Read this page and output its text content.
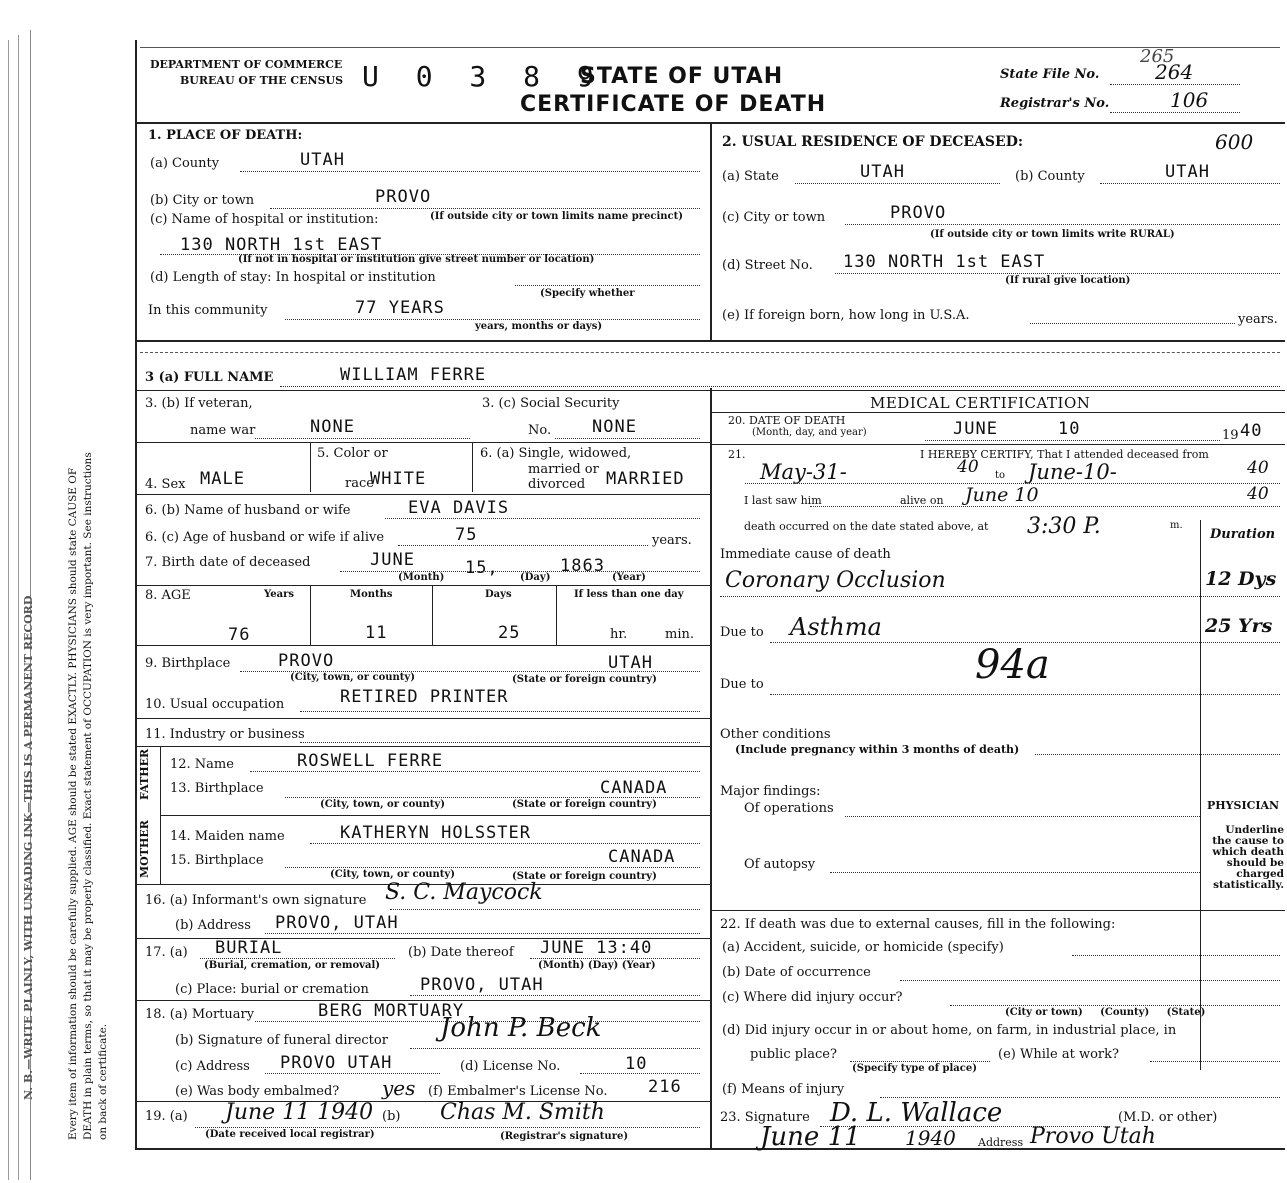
N. B.—WRITE PLAINLY, WITH UNFADING INK—THIS IS A PERMANENT RECORD	Every item of information should be carefully supplied. AGE should be stated EXACTLY. PHYSICIANS should state CAUSE OF DEATH in plain terms, so that it may be properly classified. Exact statement of OCCUPATION is very important. See instructions on back of certificate.
DEPARTMENT OF COMMERCE
BUREAU OF THE CENSUS U 0 3 8 9
STATE OF UTAH
CERTIFICATE OF DEATH
State File No.
265
264
Registrar's No.	106
1. PLACE OF DEATH:
(a) County	UTAH
(b) City or town	PROVO
(c) Name of hospital or institution:	(If outside city or town limits name precinct)
130 NORTH 1st EAST
(If not in hospital or institution give street number or location)
(d) Length of stay: In hospital or institution
(Specify whether
In this community	77 YEARS
years, months or days)
2. USUAL RESIDENCE OF DECEASED:	600
(a) State	UTAH	(b) County	UTAH
(c) City or town	PROVO
(If outside city or town limits write RURAL)
(d) Street No. 130 NORTH 1st EAST
(If rural give location)
(e) If foreign born, how long in U.S.A.	years.
3 (a) FULL NAME	WILLIAM FERRE
3. (b) If veteran,
name war	NONE
3. (c) Social Security
No. NONE
4. Sex MALE
5. Color or
race
WHITE
6. (a) Single, widowed,
married or
divorced MARRIED
6. (b) Name of husband or wife	EVA DAVIS
6. (c) Age of husband or wife if alive	75	years.
7. Birth date of deceased	JUNE	15,	1863
(Month)	(Day)	(Year)
8. AGE	Years	Months	Days	If less than one day
76	11	25	hr.	min.
9. Birthplace	PROVO	UTAH
(City, town, or county)	(State or foreign country)
10. Usual occupation	RETIRED PRINTER
11. Industry or business
FATHER
MOTHER
12. Name	ROSWELL FERRE
13. Birthplace	CANADA
(City, town, or county)	(State or foreign country)
14. Maiden name	KATHERYN HOLSSTER
15. Birthplace	CANADA
(City, town, or county)	(State or foreign country)
16. (a) Informant's own signature S. C. Maycock
(b) Address PROVO, UTAH
17. (a) BURIAL
(Burial, cremation, or removal)
(b) Date thereof JUNE 13:40
(Month) (Day) (Year)
(c) Place: burial or cremation	PROVO, UTAH
18. (a) Mortuary	BERG MORTUARY
(b) Signature of funeral director John P. Beck
(c) Address PROVO UTAH	(d) License No.	10
(e) Was body embalmed? yes (f) Embalmer's License No. 216
19. (a) June 11 1940 (b) Chas M. Smith
(Date received local registrar)	(Registrar's signature)
MEDICAL CERTIFICATION
20. DATE OF DEATH
(Month, day, and year)	JUNE	10	19 40
21.	I HEREBY CERTIFY, That I attended deceased from
May-31-	40 to June-10-	40
I last saw him	alive on June 10	40
death occurred on the date stated above, at 3:30 P.	m.
Duration
Immediate cause of death
Coronary Occlusion	12 Dys
Due to Asthma	25 Yrs
Due to	94a
Other conditions
(Include pregnancy within 3 months of death)
Major findings:
Of operations	PHYSICIAN
Of autopsy
Underline the cause to which death should be charged statistically.
22. If death was due to external causes, fill in the following:
(a) Accident, suicide, or homicide (specify)
(b) Date of occurrence
(c) Where did injury occur?
(City or town)     (County)     (State)
(d) Did injury occur in or about home, on farm, in industrial place, in
public place?
(Specify type of place)
(e) While at work?
(f) Means of injury
23. Signature D. L. Wallace	(M.D. or other)
June 11 1940 Address Provo Utah
